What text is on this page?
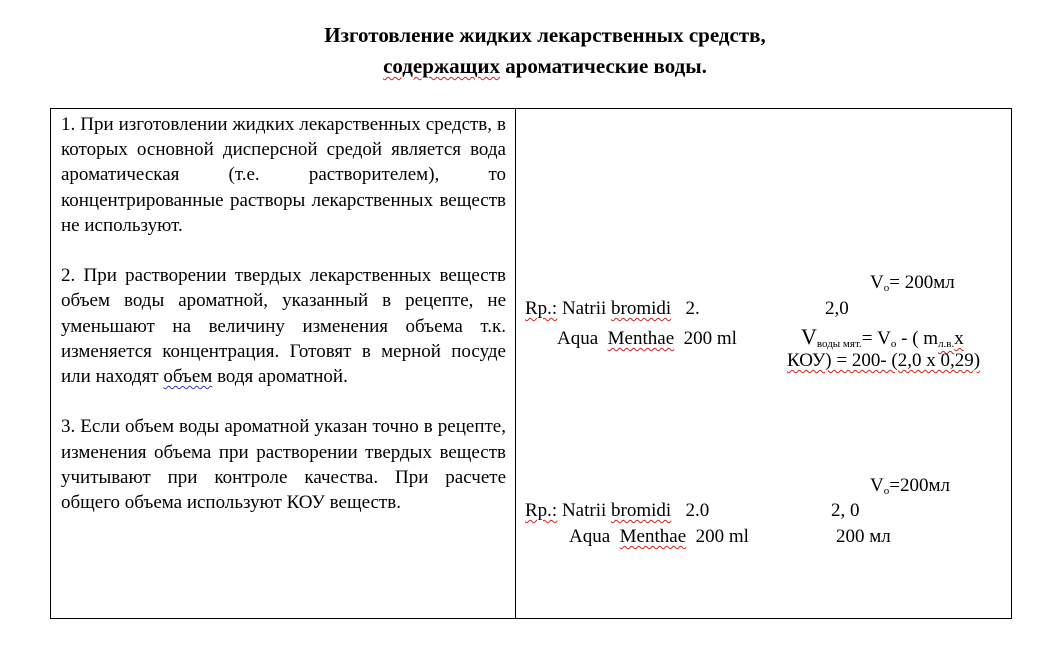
Изготовление жидких лекарственных средств,
содержащих ароматические воды.

1. При изготовлении жидких лекарственных средств, в которых основной дисперсной средой является вода ароматическая (т.е. растворителем), то концентрированные растворы лекарственных веществ не используют.

2. При растворении твердых лекарственных веществ объем воды ароматной, указанный в рецепте, не уменьшают на величину изменения объема т.к. изменяется концентрация. Готовят в мерной посуде или находят объем водя ароматной.

3. Если объем воды ароматной указан точно в рецепте, изменения объема при растворении твердых веществ учитывают при контроле качества. При расчете общего объема используют КОУ веществ.

$V_o= 200мл$
Rp.: Natrii bromidi 2.	2,0
Aqua Menthae 200 ml	$V_{воды мят.}= V_o$ - ( $m_{л.в.}x$
КОУ) = 200- (2,0 х 0,29)
$V_o=200мл$
Rp.: Natrii bromidi 2.0	2, 0
Aqua Menthae 200 ml	200 мл
